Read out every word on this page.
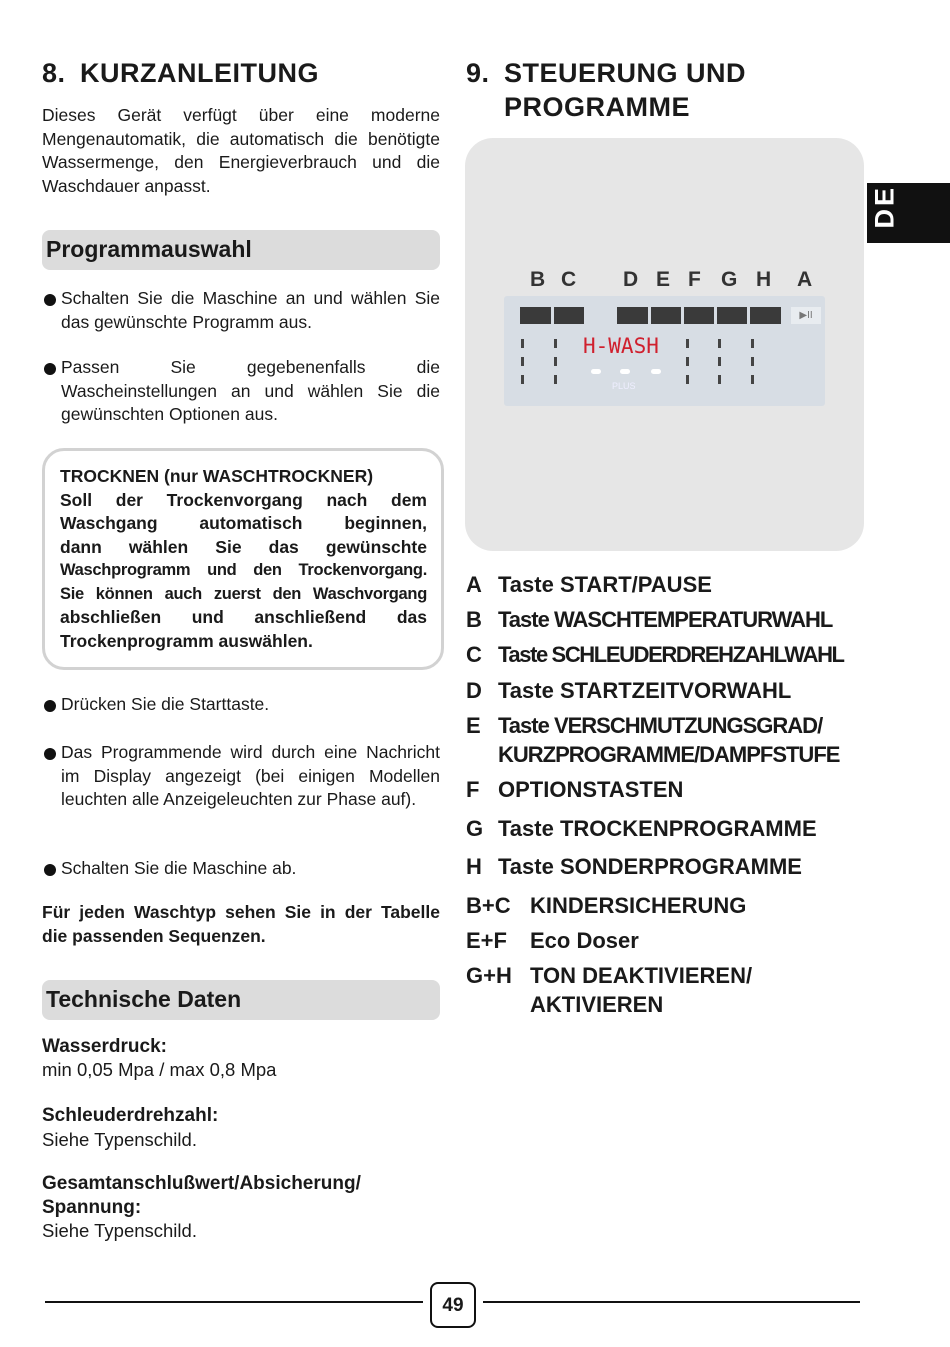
8. KURZANLEITUNG
Dieses Gerät verfügt über eine moderne Mengenautomatik, die automatisch die benötigte Wassermenge, den Energieverbrauch und die Waschdauer anpasst.
Programmauswahl
Schalten Sie die Maschine an und wählen Sie das gewünschte Programm aus.
Passen Sie gegebenenfalls die Wascheinstellungen an und wählen Sie die gewünschten Optionen aus.
TROCKNEN (nur WASCHTROCKNER)
Soll der Trockenvorgang nach dem
Waschgang automatisch beginnen,
dann wählen Sie das gewünschte
Waschprogramm und den Trockenvorgang.
Sie können auch zuerst den Waschvorgang
abschließen und anschließend das
Trockenprogramm auswählen.
Drücken Sie die Starttaste.
Das Programmende wird durch eine Nachricht im Display angezeigt (bei einigen Modellen leuchten alle Anzeigeleuchten zur Phase auf).
Schalten Sie die Maschine ab.
Für jeden Waschtyp sehen Sie in der Tabelle die passenden Sequenzen.
Technische Daten
Wasserdruck:
min 0,05 Mpa / max 0,8 Mpa
Schleuderdrehzahl:
Siehe Typenschild.
Gesamtanschlußwert/Absicherung/
Spannung:
Siehe Typenschild.
9. STEUERUNG UND
PROGRAMME
B C D E F G H A
▶II
H-WASH
PLUS
A Taste START/PAUSE
B Taste WASCHTEMPERATURWAHL
C Taste SCHLEUDERDREHZAHLWAHL
D Taste STARTZEITVORWAHL
E Taste VERSCHMUTZUNGSGRAD/
KURZPROGRAMME/DAMPFSTUFE
F OPTIONSTASTEN
G Taste TROCKENPROGRAMME
H Taste SONDERPROGRAMME
B+C KINDERSICHERUNG
E+F Eco Doser
G+H TON DEAKTIVIEREN/
AKTIVIEREN
DE
49
